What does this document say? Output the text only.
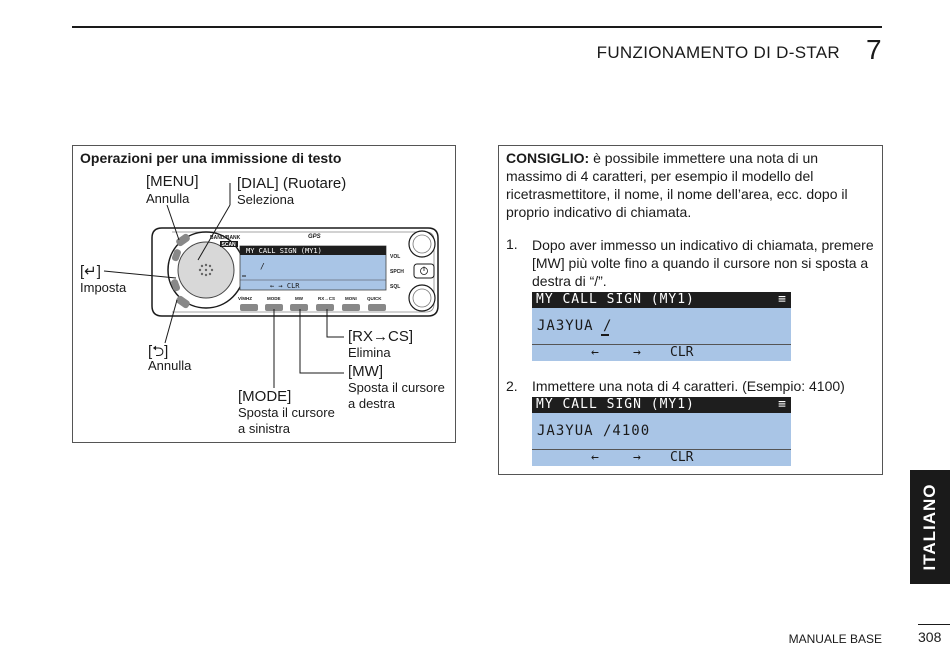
FUNZIONAMENTO DI D-STAR 7
Operazioni per una immissione di testo
[MENU]
Annulla
[DIAL] (Ruotare)
Seleziona
[↵]
Imposta
[⮌]
Annulla
[MODE]
Sposta il cursore
a sinistra
[MW]
Sposta il cursore
a destra
[RX→CS]
Elimina
BAND/BANK
SCAN
GPS
MY CALL SIGN (MY1)
/
← → CLR
VOL
SPCH
SQL
V/MHZ	MODE	MW	RX→CS MONI QUICK
CONSIGLIO: è possibile immettere una nota di un massimo di 4 caratteri, per esempio il modello del ricetrasmettitore, il nome, il nome dell’area, ecc. dopo il proprio indicativo di chiamata.
1. Dopo aver immesso un indicativo di chiamata, premere [MW] più volte fino a quando il cursore non si sposta a destra di “/”.
MY CALL SIGN (MY1)	≡
JA3YUA /
←	→ CLR
2. Immettere una nota di 4 caratteri. (Esempio: 4100)
MY CALL SIGN (MY1)	≡
JA3YUA /4100
←	→ CLR
ITALIANO
MANUALE BASE	308
